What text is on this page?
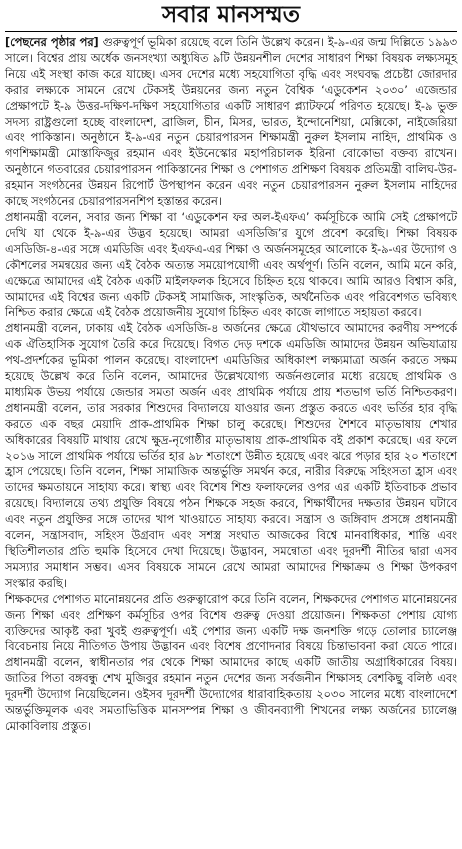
সবার মানসম্মত

[পেছনের পৃষ্ঠার পর] গুরুত্বপূর্ণ ভূমিকা রয়েছে বলে তিনি উল্লেখ করেন। ই-৯-এর জন্ম দিল্লিতে ১৯৯৩ সালে। বিশ্বের প্রায় অর্ধেক জনসংখ্যা অধ্যুষিত ৯টি উন্নয়নশীল দেশের সাধারণ শিক্ষা বিষয়ক লক্ষ্যসমূহ নিয়ে এই সংস্থা কাজ করে যাচ্ছে। এসব দেশের মধ্যে সহযোগিতা বৃদ্ধি এবং সংঘবদ্ধ প্রচেষ্টা জোরদার করার লক্ষ্যকে সামনে রেখে টেকসই উন্নয়নের জন্য নতুন বৈশ্বিক ‘এডুকেশন ২০৩০’ এজেন্ডার প্রেক্ষাপটে ই-৯ উত্তর-দক্ষিণ-দক্ষিণ সহযোগিতার একটি সাধারণ প্ল্যাটফর্মে পরিণত হয়েছে। ই-৯ ভুক্ত সদস্য রাষ্ট্রগুলো হচ্ছে বাংলাদেশ, ব্রাজিল, চীন, মিসর, ভারত, ইন্দোনেশিয়া, মেক্সিকো, নাইজেরিয়া এবং পাকিস্তান। অনুষ্ঠানে ই-৯-এর নতুন চেয়ারপারসন শিক্ষামন্ত্রী নুরুল ইসলাম নাহিদ, প্রাথমিক ও গণশিক্ষামন্ত্রী মোস্তাফিজুর রহমান এবং ইউনেস্কোর মহাপরিচালক ইরিনা বোকোভা বক্তব্য রাখেন। অনুষ্ঠানে গতবারের চেয়ারপারসন পাকিস্তানের শিক্ষা ও পেশাগত প্রশিক্ষণ বিষয়ক প্রতিমন্ত্রী বালিঘ-উর-রহমান সংগঠনের উন্নয়ন রিপোর্ট উপস্থাপন করেন এবং নতুন চেয়ারপারসন নুরুল ইসলাম নাহিদের কাছে সংগঠনের চেয়ারপারসনশিপ হস্তান্তর করেন।

প্রধানমন্ত্রী বলেন, সবার জন্য শিক্ষা বা ‘এডুকেশন ফর অল-ইএফএ’ কর্মসূচিকে আমি সেই প্রেক্ষাপটে দেখি যা থেকে ই-৯-এর উদ্ভব হয়েছে। আমরা এসডিজি’র যুগে প্রবেশ করেছি। শিক্ষা বিষয়ক এসডিজি-৪-এর সঙ্গে এমডিজি এবং ইএফএ-এর শিক্ষা ও অর্জনসমূহের আলোকে ই-৯-এর উদ্যোগ ও কৌশলের সমন্বয়ের জন্য এই বৈঠক অত্যন্ত সময়োপযোগী এবং অর্থপূর্ণ। তিনি বলেন, আমি মনে করি, এক্ষেত্রে আমাদের এই বৈঠক একটি মাইলফলক হিসেবে চিহ্নিত হয়ে থাকবে। আমি আরও বিশ্বাস করি, আমাদের এই বিশ্বের জন্য একটি টেকসই সামাজিক, সাংস্কৃতিক, অর্থনৈতিক এবং পরিবেশগত ভবিষ্যৎ নিশ্চিত করার ক্ষেত্রে এই বৈঠক প্রয়োজনীয় সুযোগ চিহ্নিত এবং কাজে লাগাতে সহায়তা করবে।

প্রধানমন্ত্রী বলেন, ঢাকায় এই বৈঠক এসডিজি-৪ অর্জনের ক্ষেত্রে যৌথভাবে আমাদের করণীয় সম্পর্কে এক ঐতিহাসিক সুযোগ তৈরি করে দিয়েছে। বিগত দেড় দশকে এমডিজি আমাদের উন্নয়ন অভিযাত্রায় পথ-প্রদর্শকের ভূমিকা পালন করেছে। বাংলাদেশ এমডিজির অধিকাংশ লক্ষ্যমাত্রা অর্জন করতে সক্ষম হয়েছে উল্লেখ করে তিনি বলেন, আমাদের উল্লেখযোগ্য অর্জনগুলোর মধ্যে রয়েছে প্রাথমিক ও মাধ্যমিক উভয় পর্যায়ে জেন্ডার সমতা অর্জন এবং প্রাথমিক পর্যায়ে প্রায় শতভাগ ভর্তি নিশ্চিতকরণ। প্রধানমন্ত্রী বলেন, তার সরকার শিশুদের বিদ্যালয়ে যাওয়ার জন্য প্রস্তুত করতে এবং ভর্তির হার বৃদ্ধি করতে এক বছর মেয়াদি প্রাক-প্রাথমিক শিক্ষা চালু করেছে। শিশুদের শৈশবে মাতৃভাষায় শেখার অধিকারের বিষয়টি মাথায় রেখে ক্ষুদ্র-নৃগোষ্ঠীর মাতৃভাষায় প্রাক-প্রাথমিক বই প্রকাশ করেছে। এর ফলে ২০১৬ সালে প্রাথমিক পর্যায়ে ভর্তির হার ৯৮ শতাংশে উন্নীত হয়েছে এবং ঝরে পড়ার হার ২০ শতাংশে হ্রাস পেয়েছে। তিনি বলেন, শিক্ষা সামাজিক অন্তর্ভুক্তি সমর্থন করে, নারীর বিরুদ্ধে সহিংসতা হ্রাস এবং তাদের ক্ষমতায়নে সাহায্য করে। স্বাস্থ্য এবং বিশেষ শিশু ফলাফলের ওপর এর একটি ইতিবাচক প্রভাব রয়েছে। বিদ্যালয়ে তথ্য প্রযুক্তি বিষয়ে পঠন শিক্ষকে সহজ করবে, শিক্ষার্থীদের দক্ষতার উন্নয়ন ঘটাবে এবং নতুন প্রযুক্তির সঙ্গে তাদের খাপ খাওয়াতে সাহায্য করবে। সন্ত্রাস ও জঙ্গিবাদ প্রসঙ্গে প্রধানমন্ত্রী বলেন, সন্ত্রাসবাদ, সহিংস উগ্রবাদ এবং সশস্ত্র সংঘাত আজকের বিশ্বে মানবাধিকার, শান্তি এবং স্থিতিশীলতার প্রতি হুমকি হিসেবে দেখা দিয়েছে। উদ্ভাবন, সমন্বোতা এবং দূরদর্শী নীতির দ্বারা এসব সমস্যার সমাধান সম্ভব। এসব বিষয়কে সামনে রেখে আমরা আমাদের শিক্ষাক্রম ও শিক্ষা উপকরণ সংস্কার করছি।

শিক্ষকদের পেশাগত মানোন্নয়নের প্রতি গুরুত্বারোপ করে তিনি বলেন, শিক্ষকদের পেশাগত মানোন্নয়নের জন্য শিক্ষা এবং প্রশিক্ষণ কর্মসূচির ওপর বিশেষ গুরুত্ব দেওয়া প্রয়োজন। শিক্ষকতা পেশায় যোগ্য ব্যক্তিদের আকৃষ্ট করা খুবই গুরুত্বপূর্ণ। এই পেশার জন্য একটি দক্ষ জনশক্তি গড়ে তোলার চ্যালেঞ্জ বিবেচনায় নিয়ে নীতিগত উপায় উদ্ভাবন এবং বিশেষ প্রণোদনার বিষয়ে চিন্তাভাবনা করা যেতে পারে। প্রধানমন্ত্রী বলেন, স্বাধীনতার পর থেকে শিক্ষা আমাদের কাছে একটি জাতীয় অগ্রাধিকারের বিষয়। জাতির পিতা বঙ্গবন্ধু শেখ মুজিবুর রহমান নতুন দেশের জন্য সর্বজনীন শিক্ষাসহ বেশকিছু বলিষ্ঠ এবং দূরদর্শী উদ্যোগ নিয়েছিলেন। ওইসব দূরদর্শী উদ্যোগের ধারাবাহিকতায় ২০৩০ সালের মধ্যে বাংলাদেশে অন্তর্ভুক্তিমূলক এবং সমতাভিত্তিক মানসম্পন্ন শিক্ষা ও জীবনব্যাপী শিখনের লক্ষ্য অর্জনের চ্যালেঞ্জ মোকাবিলায় প্রস্তুত।
